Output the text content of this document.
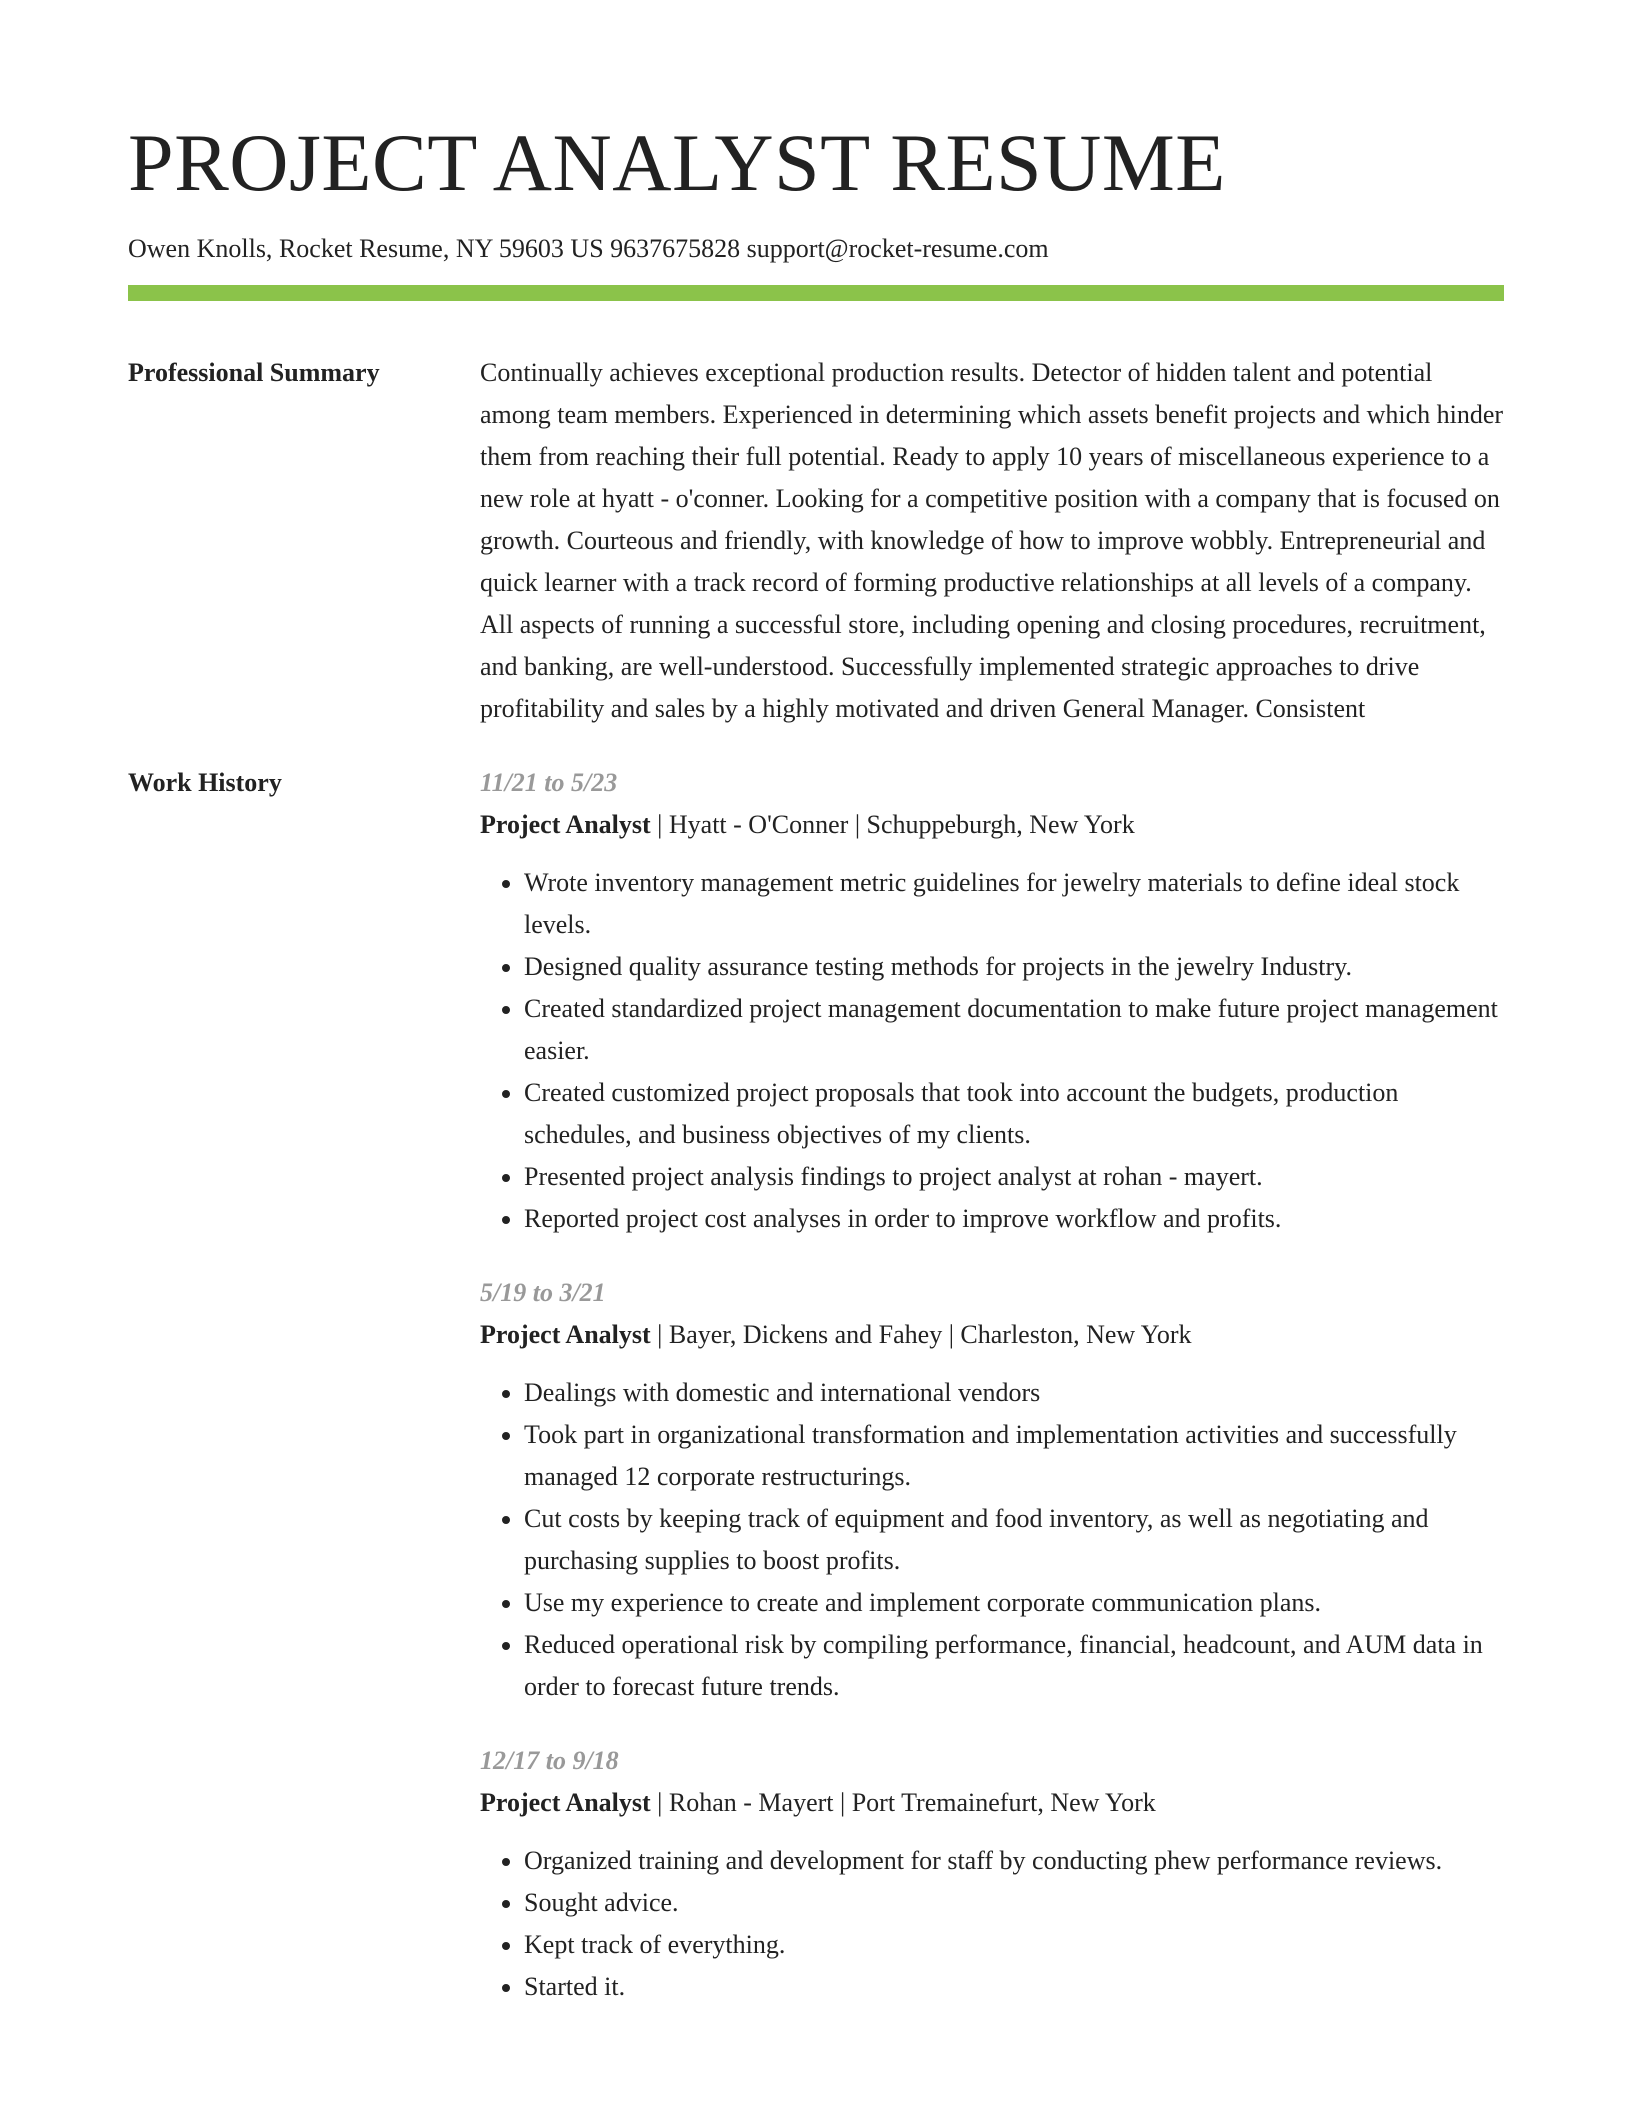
PROJECT ANALYST RESUME
Owen Knolls, Rocket Resume, NY 59603 US 9637675828 support@rocket-resume.com
Professional Summary	Continually achieves exceptional production results. Detector of hidden talent and potential among team members. Experienced in determining which assets benefit projects and which hinder them from reaching their full potential. Ready to apply 10 years of miscellaneous experience to a new role at hyatt - o'conner. Looking for a competitive position with a company that is focused on growth. Courteous and friendly, with knowledge of how to improve wobbly. Entrepreneurial and quick learner with a track record of forming productive relationships at all levels of a company. All aspects of running a successful store, including opening and closing procedures, recruitment, and banking, are well-understood. Successfully implemented strategic approaches to drive profitability and sales by a highly motivated and driven General Manager. Consistent

Work History	11/21 to 5/23
Project Analyst | Hyatt - O'Conner | Schuppeburgh, New York
• Wrote inventory management metric guidelines for jewelry materials to define ideal stock levels.
• Designed quality assurance testing methods for projects in the jewelry Industry.
• Created standardized project management documentation to make future project management easier.
• Created customized project proposals that took into account the budgets, production schedules, and business objectives of my clients.
• Presented project analysis findings to project analyst at rohan - mayert.
• Reported project cost analyses in order to improve workflow and profits.
5/19 to 3/21
Project Analyst | Bayer, Dickens and Fahey | Charleston, New York
• Dealings with domestic and international vendors
• Took part in organizational transformation and implementation activities and successfully managed 12 corporate restructurings.
• Cut costs by keeping track of equipment and food inventory, as well as negotiating and purchasing supplies to boost profits.
• Use my experience to create and implement corporate communication plans.
• Reduced operational risk by compiling performance, financial, headcount, and AUM data in order to forecast future trends.
12/17 to 9/18
Project Analyst | Rohan - Mayert | Port Tremainefurt, New York
• Organized training and development for staff by conducting phew performance reviews.
• Sought advice.
• Kept track of everything.
• Started it.
